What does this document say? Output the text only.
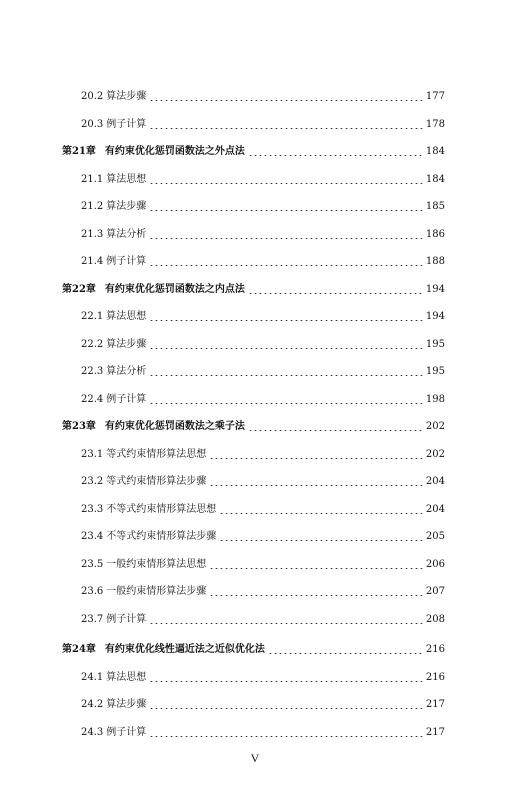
20.2 算法步骤	177
20.3 例子计算	178
第21章 有约束优化惩罚函数法之外点法	184
21.1 算法思想	184
21.2 算法步骤	185
21.3 算法分析	186
21.4 例子计算	188
第22章 有约束优化惩罚函数法之内点法	194
22.1 算法思想	194
22.2 算法步骤	195
22.3 算法分析	195
22.4 例子计算	198
第23章 有约束优化惩罚函数法之乘子法	202
23.1 等式约束情形算法思想	202
23.2 等式约束情形算法步骤	204
23.3 不等式约束情形算法思想	204
23.4 不等式约束情形算法步骤	205
23.5 一般约束情形算法思想	206
23.6 一般约束情形算法步骤	207
23.7 例子计算	208
第24章 有约束优化线性逼近法之近似优化法	216
24.1 算法思想	216
24.2 算法步骤	217
24.3 例子计算	217
V
